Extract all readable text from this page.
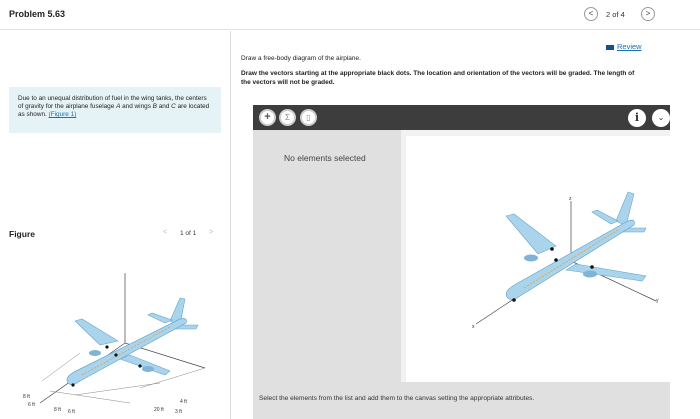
Problem 5.63	<	2 of 4	>
Due to an unequal distribution of fuel in the wing tanks, the centers of gravity for the airplane fuselage A and wings B and C are located as shown. (Figure 1)
Figure	< 1 of 1 >
8 ft
6 ft
8 ft 6 ft	20 ft
4 ft
3 ft
Review
Draw a free-body diagram of the airplane.
Draw the vectors starting at the appropriate black dots. The location and orientation of the vectors will be graded. The length of the vectors will not be graded.
+	Σ	▯	i	⌄
No elements selected
z
x
y
Select the elements from the list and add them to the canvas setting the appropriate attributes.
